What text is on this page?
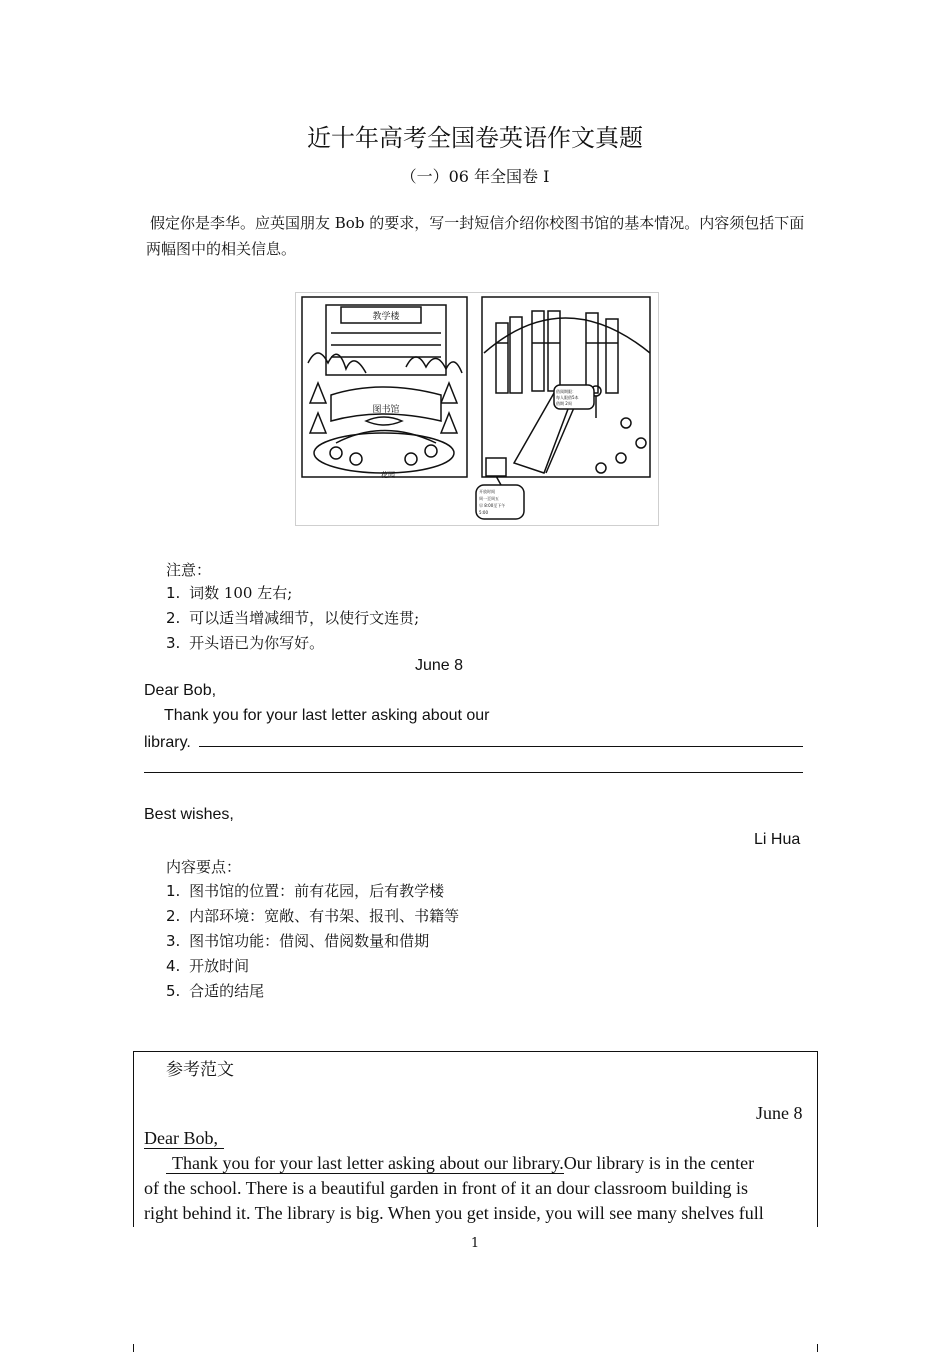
近十年高考全国卷英语作文真题
（一）06 年全国卷 I
假定你是李华。应英国朋友 Bob 的要求，写一封短信介绍你校图书馆的基本情况。内容须包括下面两幅图中的相关信息。
教学楼
图书馆
花园
借阅期限：
每人限借5本
借期 2周
开放时间
周一至周五
早 8:00至下午
5:00
注意：
1. 词数 100 左右;
2. 可以适当增减细节，以使行文连贯;
3. 开头语已为你写好。
June 8
Dear Bob,
Thank you for your last letter asking about our
library.
Best wishes,
Li Hua
内容要点：
1. 图书馆的位置：前有花园，后有教学楼
2. 内部环境：宽敞、有书架、报刊、书籍等
3. 图书馆功能：借阅、借阅数量和借期
4. 开放时间
5. 合适的结尾
参考范文
June 8
Dear Bob,
Thank you for your last letter asking about our library.Our library is in the center
of the school. There is a beautiful garden in front of it an dour classroom building is
right behind it. The library is big. When you get inside, you will see many shelves full
1
